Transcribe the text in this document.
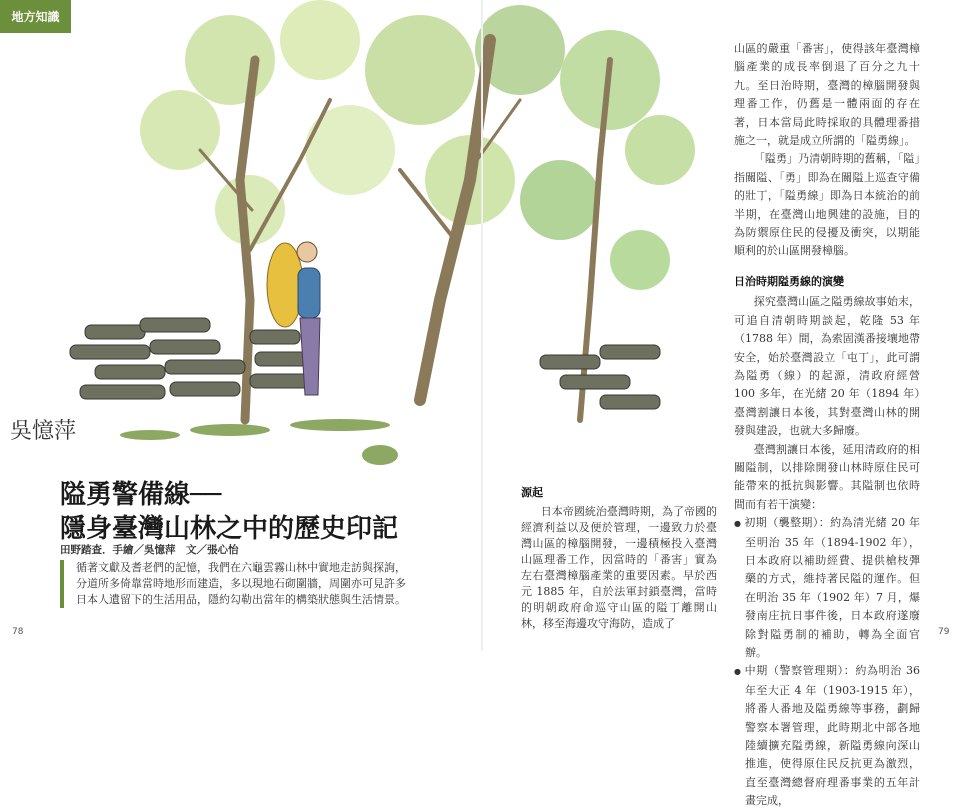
地方知識
吳憶萍
隘勇警備線──
隱身臺灣山林之中的歷史印記
田野踏查．手繪／吳憶萍　文／張心怡
循著文獻及耆老們的記憶，我們在六龜雲霧山林中實地走訪與探詢，分道所多倚靠當時地形而建造，多以現地石砌圍牆，周圍亦可見許多日本人遺留下的生活用品，隱約勾勒出當年的構築狀態與生活情景。
源起
日本帝國統治臺灣時期，為了帝國的經濟利益以及便於管理，一邊致力於臺灣山區的樟腦開發，一邊積極投入臺灣山區理番工作，因當時的「番害」實為左右臺灣樟腦產業的重要因素。早於西元 1885 年，自於法軍封鎖臺灣，當時的明朝政府命巡守山區的隘丁離開山林，移至海邊攻守海防，造成了

山區的嚴重「番害」，使得該年臺灣樟腦產業的成長率倒退了百分之九十九。至日治時期，臺灣的樟腦開發與理番工作，仍舊是一體兩面的存在著，日本當局此時採取的具體理番措施之一，就是成立所謂的「隘勇線」。

「隘勇」乃清朝時期的舊稱，「隘」指關隘、「勇」即為在關隘上巡查守備的壯丁，「隘勇線」即為日本統治的前半期，在臺灣山地興建的設施，目的為防禦原住民的侵擾及衝突，以期能順利的於山區開發樟腦。

日治時期隘勇線的演變

探究臺灣山區之隘勇線故事始末，可追自清朝時期談起，乾隆 53 年（1788 年）間，為索固漢番接壤地帶安全，始於臺灣設立「屯丁」，此可謂為隘勇（線）的起源，清政府經營 100 多年，在光緒 20 年（1894 年）臺灣割讓日本後，其對臺灣山林的開發與建設，也就大多歸廢。

臺灣割讓日本後，延用清政府的相關隘制，以排除開發山林時原住民可能帶來的抵抗與影響。其隘制也依時間而有若干演變：

● 初期（襲整期）：約為清光緒 20 年至明治 35 年（1894-1902 年），日本政府以補助經費、提供槍枝彈藥的方式，維持著民隘的運作。但在明治 35 年（1902 年）7 月，爆發南庄抗日事件後，日本政府遂廢除對隘勇制的補助，轉為全面官辦。

● 中期（警察管理期）：約為明治 36 年至大正 4 年（1903-1915 年），將番人番地及隘勇線等事務，劃歸警察本署管理，此時期北中部各地陸續擴充隘勇線，新隘勇線向深山推進，使得原住民反抗更為激烈，直至臺灣總督府理番事業的五年計畫完成，

78	79
